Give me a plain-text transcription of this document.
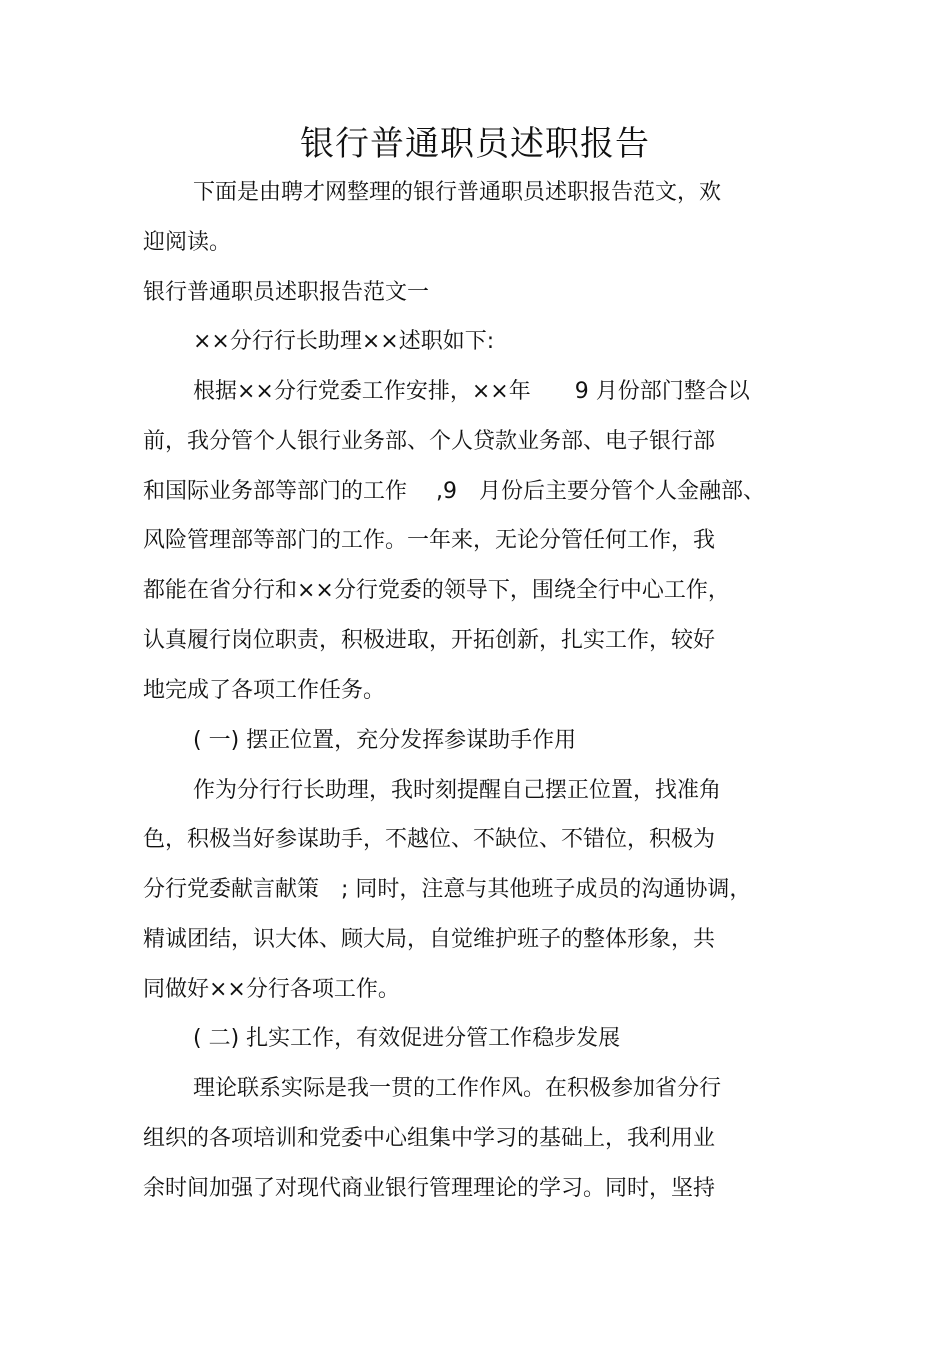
银行普通职员述职报告
下面是由聘才网整理的银行普通职员述职报告范文，欢
迎阅读。
银行普通职员述职报告范文一
××分行行长助理××述职如下:
根据××分行党委工作安排，××年　　9 月份部门整合以
前，我分管个人银行业务部、个人贷款业务部、电子银行部
和国际业务部等部门的工作　 ,9　月份后主要分管个人金融部、
风险管理部等部门的工作。一年来，无论分管任何工作，我
都能在省分行和××分行党委的领导下，围绕全行中心工作，
认真履行岗位职责，积极进取，开拓创新，扎实工作，较好
地完成了各项工作任务。
( 一) 摆正位置，充分发挥参谋助手作用
作为分行行长助理，我时刻提醒自己摆正位置，找准角
色，积极当好参谋助手，不越位、不缺位、不错位，积极为
分行党委献言献策　; 同时，注意与其他班子成员的沟通协调，
精诚团结，识大体、顾大局，自觉维护班子的整体形象，共
同做好××分行各项工作。
( 二) 扎实工作，有效促进分管工作稳步发展
理论联系实际是我一贯的工作作风。在积极参加省分行
组织的各项培训和党委中心组集中学习的基础上，我利用业
余时间加强了对现代商业银行管理理论的学习。同时，坚持
